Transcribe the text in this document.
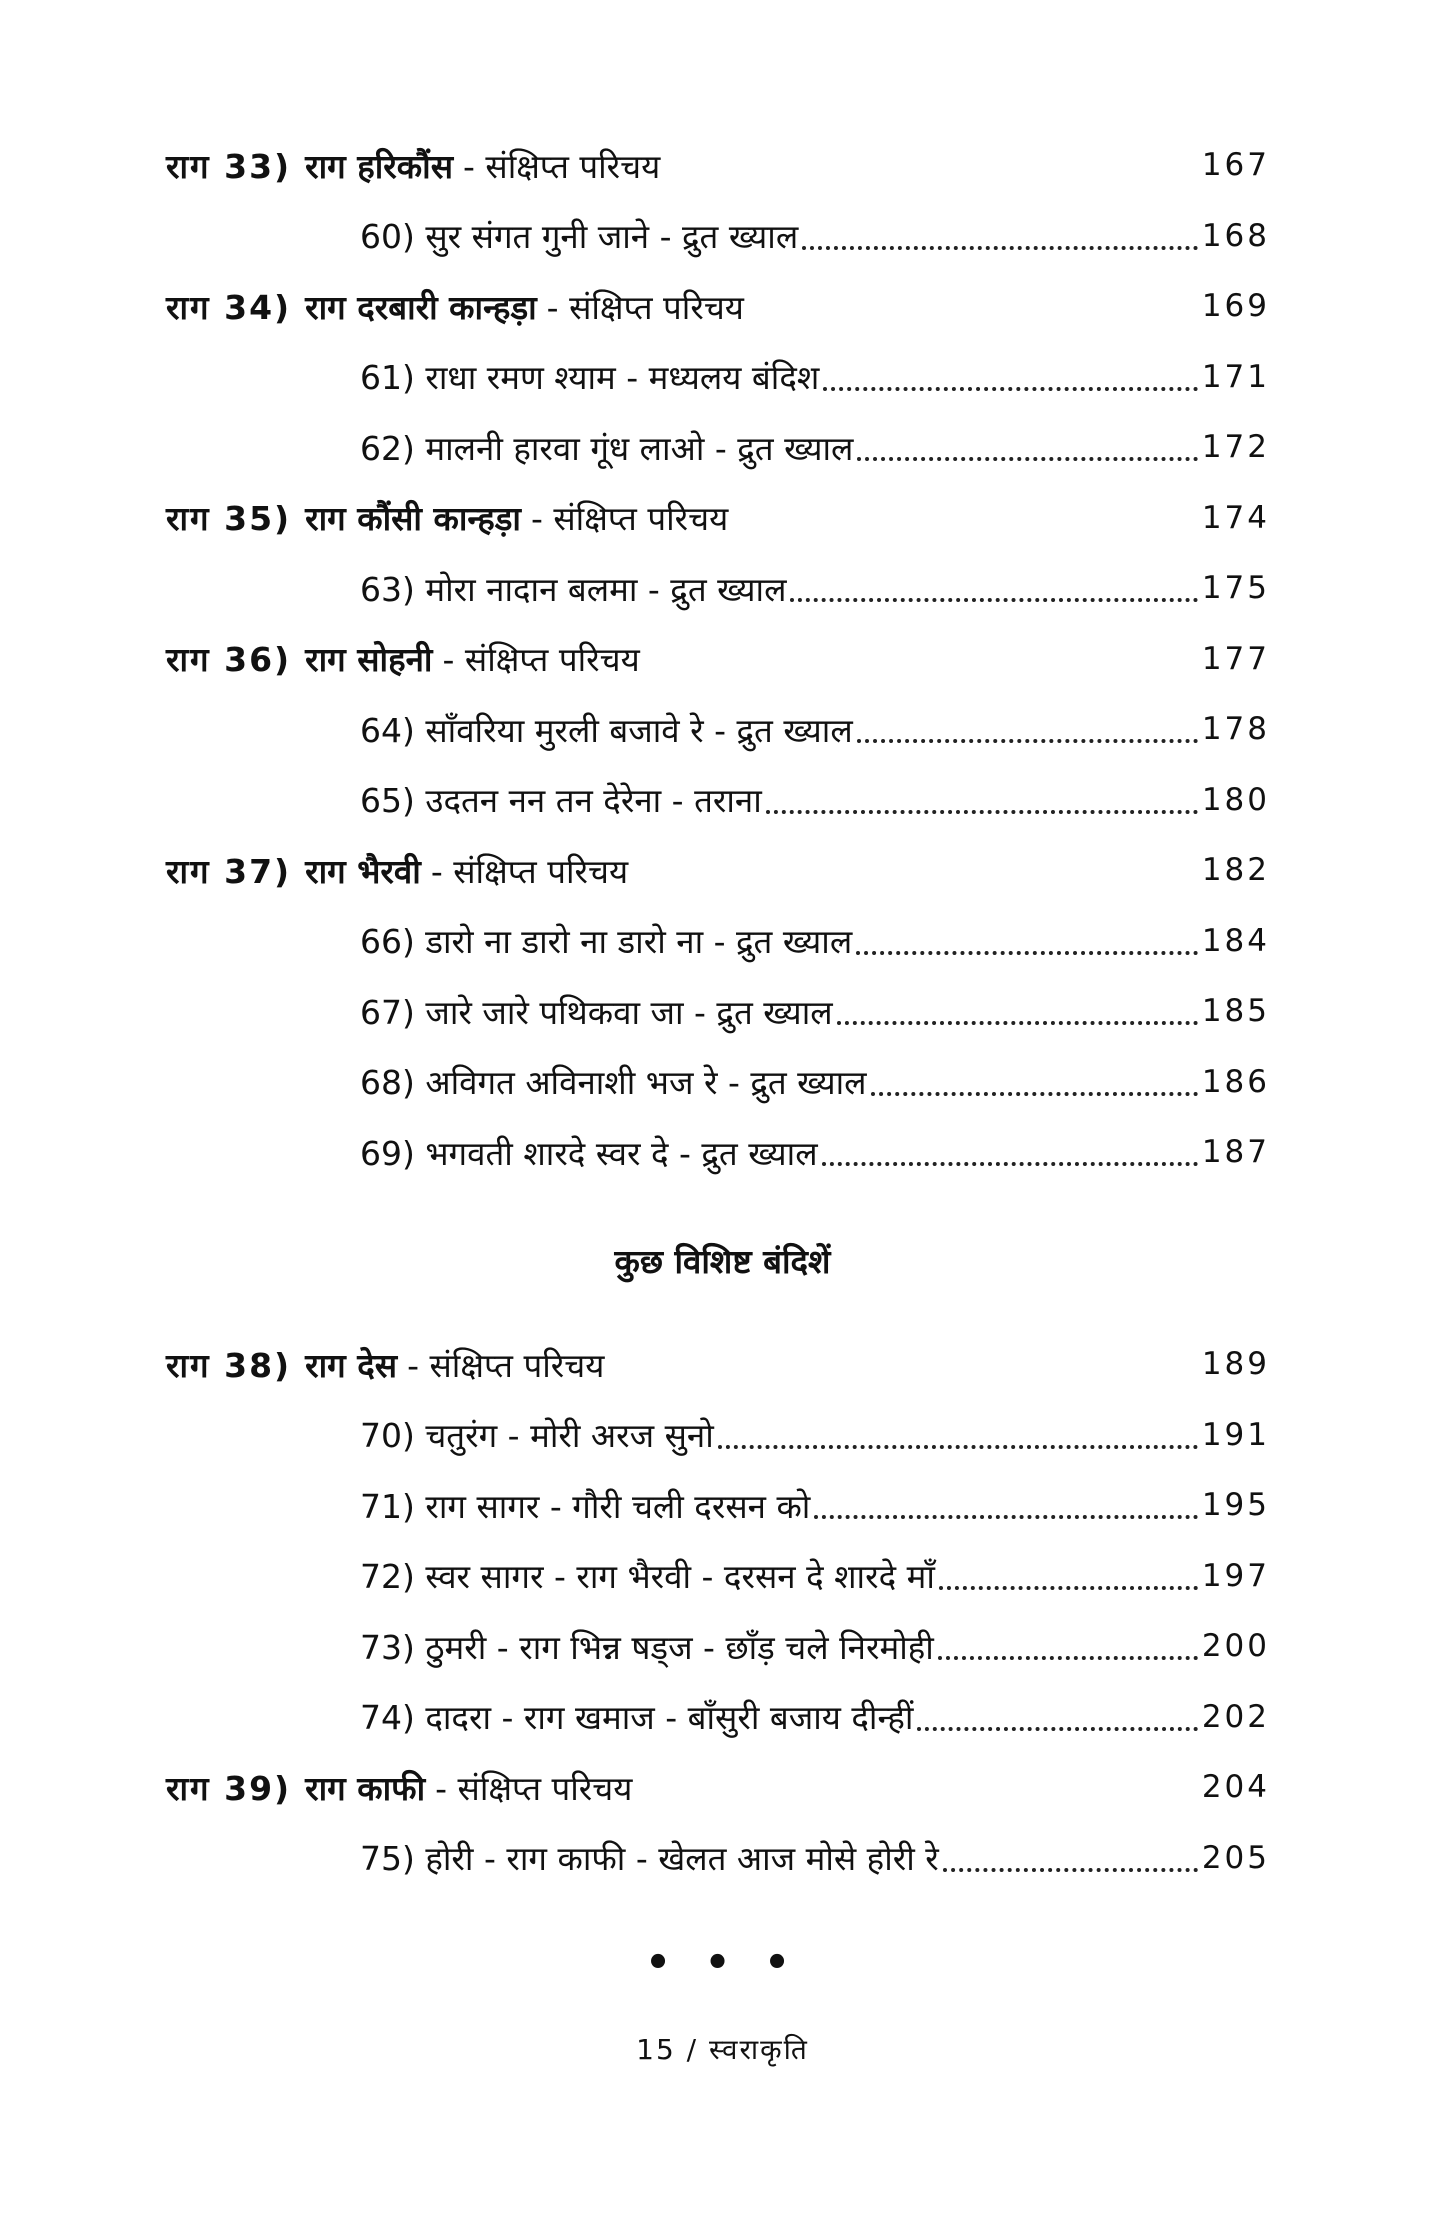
राग 33) राग हरिकौंस - संक्षिप्त परिचय	167
60) सुर संगत गुनी जाने - द्रुत ख्याल	168
राग 34) राग दरबारी कान्हड़ा - संक्षिप्त परिचय	169
61) राधा रमण श्याम - मध्यलय बंदिश	171
62) मालनी हारवा गूंध लाओ - द्रुत ख्याल	172
राग 35) राग कौंसी कान्हड़ा - संक्षिप्त परिचय	174
63) मोरा नादान बलमा - द्रुत ख्याल	175
राग 36) राग सोहनी - संक्षिप्त परिचय	177
64) साँवरिया मुरली बजावे रे - द्रुत ख्याल	178
65) उदतन नन तन देरेना - तराना	180
राग 37) राग भैरवी - संक्षिप्त परिचय	182
66) डारो ना डारो ना डारो ना - द्रुत ख्याल	184
67) जारे जारे पथिकवा जा - द्रुत ख्याल	185
68) अविगत अविनाशी भज रे - द्रुत ख्याल	186
69) भगवती शारदे स्वर दे - द्रुत ख्याल	187
राग 38) राग देस - संक्षिप्त परिचय	189
70) चतुरंग - मोरी अरज सुनो	191
71) राग सागर - गौरी चली दरसन को	195
72) स्वर सागर - राग भैरवी - दरसन दे शारदे माँ	197
73) ठुमरी - राग भिन्न षड्ज - छाँड़ चले निरमोही	200
74) दादरा - राग खमाज - बाँसुरी बजाय दीन्हीं	202
राग 39) राग काफी - संक्षिप्त परिचय	204
75) होरी - राग काफी - खेलत आज मोसे होरी रे	205
कुछ विशिष्ट बंदिशें
• • •
15 / स्वराकृति
